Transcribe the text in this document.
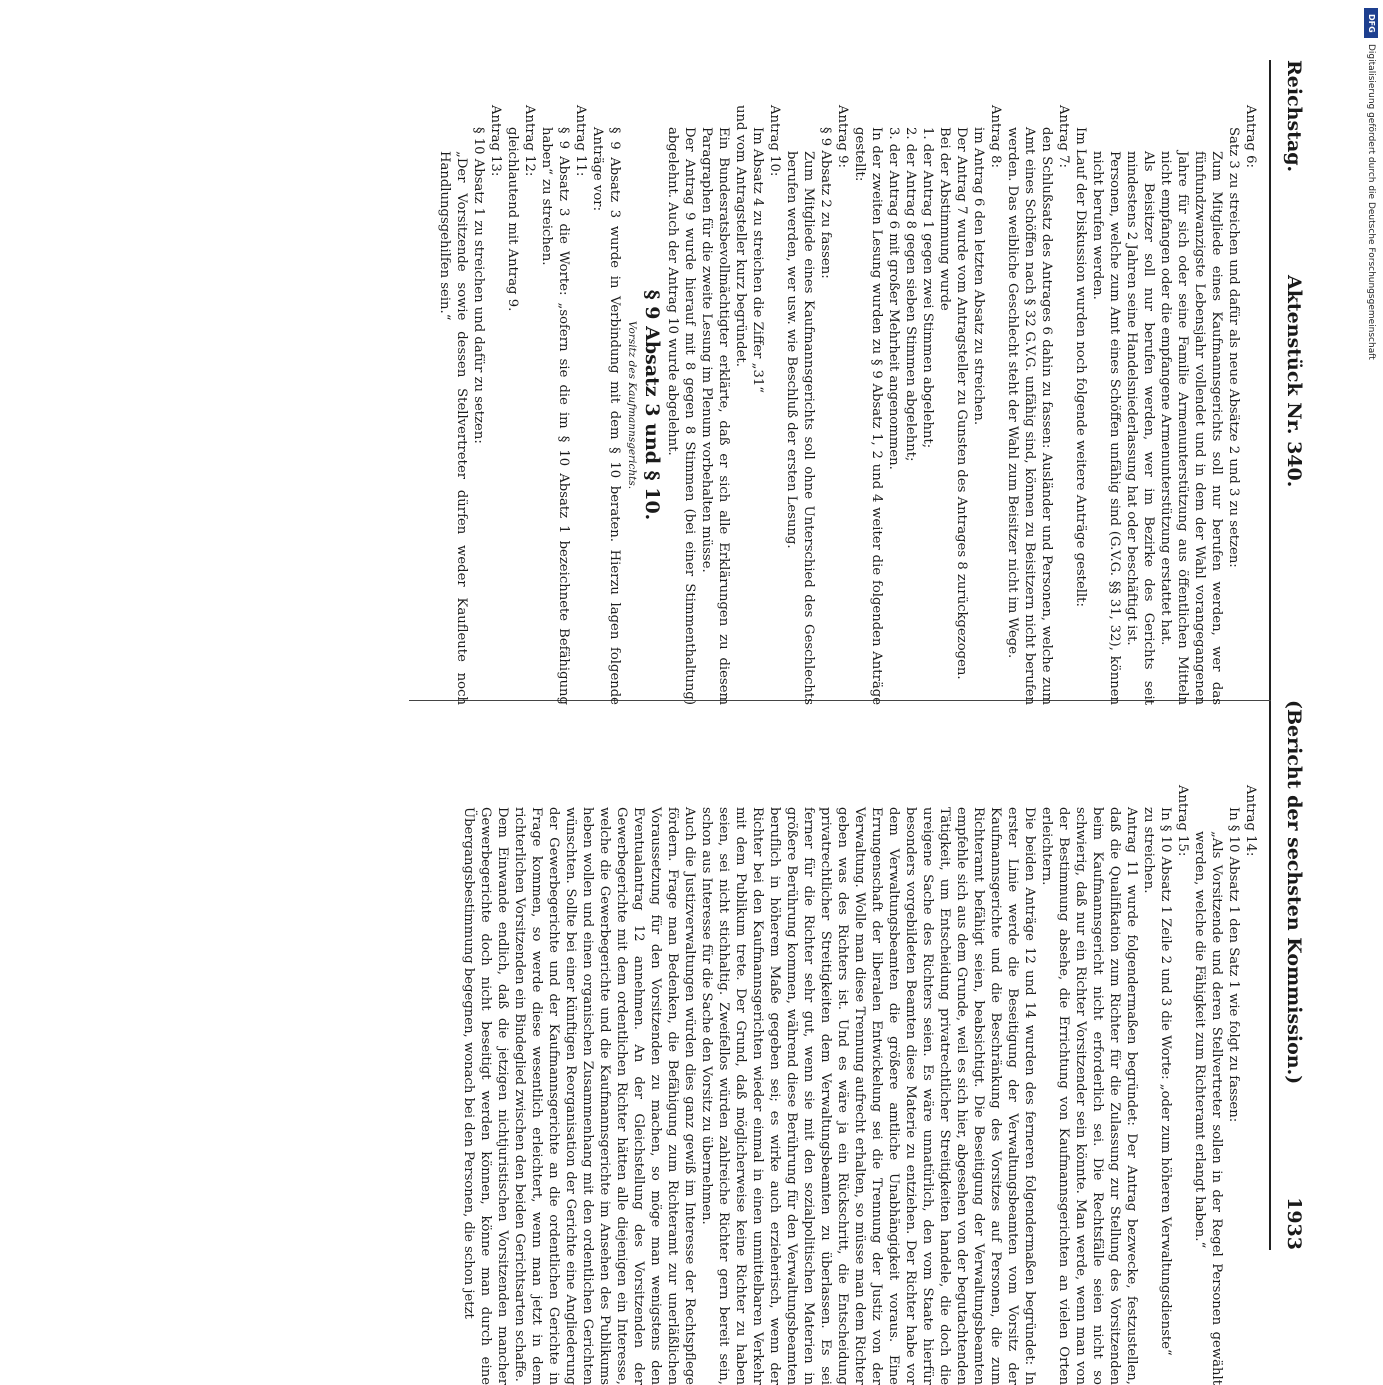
Reichstag.
Aktenstück Nr. 340.
(Bericht der sechsten Kommission.)
1933

Antrag 6:

Satz 3 zu streichen und dafür als neue Absätze 2 und 3 zu setzen:

Zum Mitgliede eines Kaufmannsgerichts soll nur berufen werden, wer das fünfundzwanzigste Lebensjahr vollendet und in dem der Wahl vorangegangenen Jahre für sich oder seine Familie Armenunterstützung aus öffentlichen Mitteln nicht empfangen oder die empfangene Armenunterstützung erstattet hat.

Als Beisitzer soll nur berufen werden, wer im Bezirke des Gerichts seit mindestens 2 Jahren seine Handelsniederlassung hat oder beschäftigt ist.

Personen, welche zum Amt eines Schöffen unfähig sind (G.V.G. §§ 31, 32), können nicht berufen werden.

Im Lauf der Diskussion wurden noch folgende weitere Anträge gestellt:

Antrag 7:

den Schlußsatz des Antrages 6 dahin zu fassen: Ausländer und Personen, welche zum Amt eines Schöffen nach § 32 G.V.G. unfähig sind, können zu Beisitzern nicht berufen werden. Das weibliche Geschlecht steht der Wahl zum Beisitzer nicht im Wege.

Antrag 8:

im Antrag 6 den letzten Absatz zu streichen.

Der Antrag 7 wurde vom Antragsteller zu Gunsten des Antrages 8 zurückgezogen.

Bei der Abstimmung wurde

1. der Antrag 1 gegen zwei Stimmen abgelehnt;

2. der Antrag 8 gegen sieben Stimmen abgelehnt;

3. der Antrag 6 mit großer Mehrheit angenommen.

In der zweiten Lesung wurden zu § 9 Absatz 1, 2 und 4 weiter die folgenden Anträge gestellt:

Antrag 9:

§ 9 Absatz 2 zu fassen:

Zum Mitgliede eines Kaufmannsgerichts soll ohne Unterschied des Geschlechts berufen werden, wer usw. wie Beschluß der ersten Lesung.

Antrag 10:

Im Absatz 4 zu streichen die Ziffer „31“

und vom Antragsteller kurz begründet.

Ein Bundesratsbevollmächtigter erklärte, daß er sich alle Erklärungen zu diesem Paragraphen für die zweite Lesung im Plenum vorbehalten müsse.

Der Antrag 9 wurde hierauf mit 8 gegen 8 Stimmen (bei einer Stimmenthaltung) abgelehnt. Auch der Antrag 10 wurde abgelehnt.

§ 9 Absatz 3 und § 10.

Vorsitz des Kaufmannsgerichts.

§ 9 Absatz 3 wurde in Verbindung mit dem § 10 beraten. Hierzu lagen folgende Anträge vor:

Antrag 11:

§ 9 Absatz 3 die Worte: „sofern sie die im § 10 Absatz 1 bezeichnete Befähigung haben“ zu streichen.

Antrag 12:

gleichlautend mit Antrag 9.

Antrag 13:

§ 10 Absatz 1 zu streichen und dafür zu setzen:

„Der Vorsitzende sowie dessen Stellvertreter dürfen weder Kaufleute noch Handlungsgehilfen sein.“

Antrag 14:

In § 10 Absatz 1 den Satz 1 wie folgt zu fassen:

„Als Vorsitzende und deren Stellvertreter sollen in der Regel Personen gewählt werden, welche die Fähigkeit zum Richteramt erlangt haben.“

Antrag 15:

In § 10 Absatz 1 Zeile 2 und 3 die Worte: „oder zum höheren Verwaltungsdienste“

zu streichen.

Antrag 11 wurde folgendermaßen begründet: Der Antrag bezwecke, festzustellen, daß die Qualifikation zum Richter für die Zulassung zur Stellung des Vorsitzenden beim Kaufmannsgericht nicht erforderlich sei. Die Rechtsfälle seien nicht so schwierig, daß nur ein Richter Vorsitzender sein könnte. Man werde, wenn man von der Bestimmung absehe, die Errichtung von Kaufmannsgerichten an vielen Orten erleichtern.

Die beiden Anträge 12 und 14 wurden des ferneren folgendermaßen begründet: In erster Linie werde die Beseitigung der Verwaltungsbeamten vom Vorsitz der Kaufmannsgerichte und die Beschränkung des Vorsitzes auf Personen, die zum Richteramt befähigt seien, beabsichtigt. Die Beseitigung der Verwaltungsbeamten empfehle sich aus dem Grunde, weil es sich hier, abgesehen von der begutachtenden Tätigkeit, um Entscheidung privatrechtlicher Streitigkeiten handele, die doch die ureigene Sache des Richters seien. Es wäre unnatürlich, den vom Staate hierfür besonders vorgebildeten Beamten diese Materie zu entziehen. Der Richter habe vor dem Verwaltungsbeamten die größere amtliche Unabhängigkeit voraus. Eine Errungenschaft der liberalen Entwickelung sei die Trennung der Justiz von der Verwaltung. Wolle man diese Trennung aufrecht erhalten, so müsse man dem Richter geben was des Richters ist. Und es wäre ja ein Rückschritt, die Entscheidung privatrechtlicher Streitigkeiten dem Verwaltungsbeamten zu überlassen. Es sei ferner für die Richter sehr gut, wenn sie mit den sozialpolitischen Materien in größere Berührung kommen, während diese Berührung für den Verwaltungsbeamten beruflich in höherem Maße gegeben sei; es wirke auch erzieherisch, wenn der Richter bei den Kaufmannsgerichten wieder einmal in einen unmittelbaren Verkehr mit dem Publikum trete. Der Grund, daß möglicherweise keine Richter zu haben seien, sei nicht stichhaltig. Zweifellos würden zahlreiche Richter gern bereit sein, schon aus Interesse für die Sache den Vorsitz zu übernehmen.

Auch die Justizverwaltungen würden dies ganz gewiß im Interesse der Rechtspflege fördern. Frage man Bedenken, die Befähigung zum Richteramt zur unerläßlichen Voraussetzung für den Vorsitzenden zu machen, so möge man wenigstens den Eventualantrag 12 annehmen. An der Gleichstellung des Vorsitzenden der Gewerbegerichte mit dem ordentlichen Richter hätten alle diejenigen ein Interesse, welche die Gewerbegerichte und die Kaufmannsgerichte im Ansehen des Publikums heben wollen und einen organischen Zusammenhang mit den ordentlichen Gerichten wünschten. Sollte bei einer künftigen Reorganisation der Gerichte eine Angliederung der Gewerbegerichte und der Kaufmannsgerichte an die ordentlichen Gerichte in Frage kommen, so werde diese wesentlich erleichtert, wenn man jetzt in dem richterlichen Vorsitzenden ein Bindeglied zwischen den beiden Gerichtsarten schaffe.

Dem Einwande endlich, daß die jetzigen nichtjuristischen Vorsitzenden mancher Gewerbegerichte doch nicht beseitigt werden können, könne man durch eine Übergangsbestimmung begegnen, wonach bei den Personen, die schon jetzt

DFG
Digitalisierung gefördert durch die Deutsche Forschungsgemeinschaft
